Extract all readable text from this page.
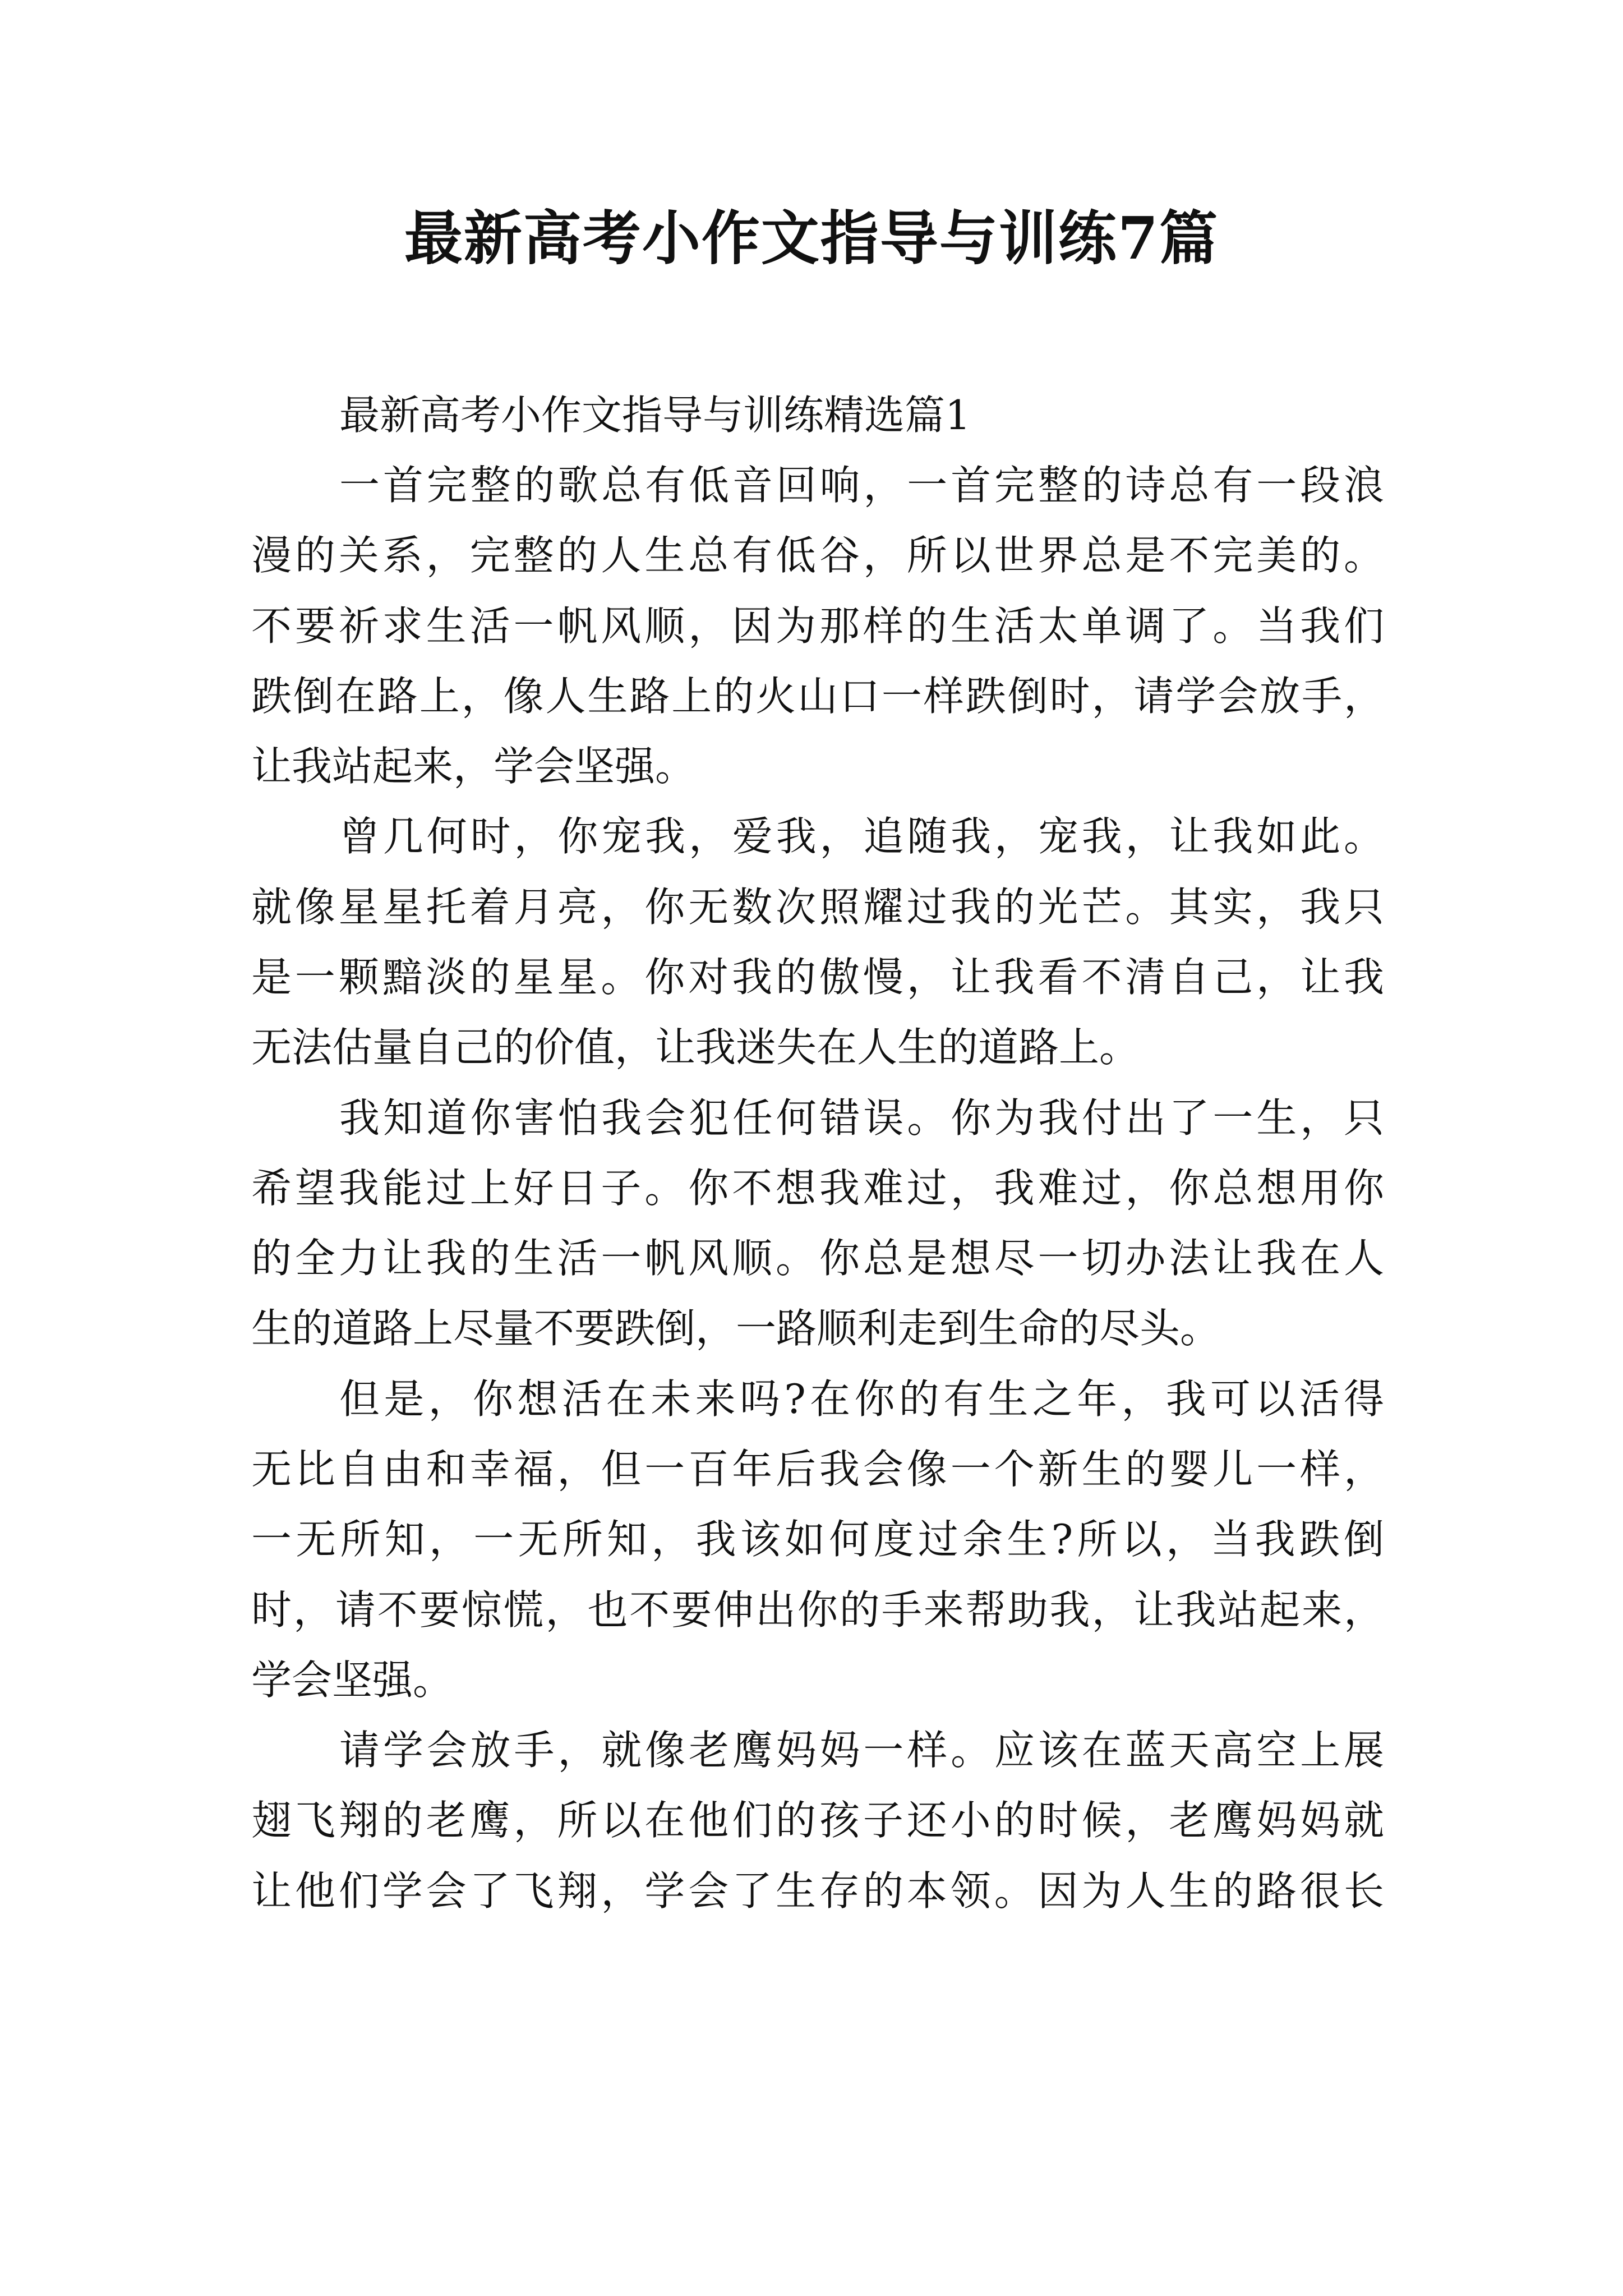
最新高考小作文指导与训练7篇
最新高考小作文指导与训练精选篇1
一首完整的歌总有低音回响，一首完整的诗总有一段浪
漫的关系，完整的人生总有低谷，所以世界总是不完美的。
不要祈求生活一帆风顺，因为那样的生活太单调了。当我们
跌倒在路上，像人生路上的火山口一样跌倒时，请学会放手，
让我站起来，学会坚强。
曾几何时，你宠我，爱我，追随我，宠我，让我如此。
就像星星托着月亮，你无数次照耀过我的光芒。其实，我只
是一颗黯淡的星星。你对我的傲慢，让我看不清自己，让我
无法估量自己的价值，让我迷失在人生的道路上。
我知道你害怕我会犯任何错误。你为我付出了一生，只
希望我能过上好日子。你不想我难过，我难过，你总想用你
的全力让我的生活一帆风顺。你总是想尽一切办法让我在人
生的道路上尽量不要跌倒，一路顺利走到生命的尽头。
但是，你想活在未来吗?在你的有生之年，我可以活得
无比自由和幸福，但一百年后我会像一个新生的婴儿一样，
一无所知，一无所知，我该如何度过余生?所以，当我跌倒
时，请不要惊慌，也不要伸出你的手来帮助我，让我站起来，
学会坚强。
请学会放手，就像老鹰妈妈一样。应该在蓝天高空上展
翅飞翔的老鹰，所以在他们的孩子还小的时候，老鹰妈妈就
让他们学会了飞翔，学会了生存的本领。因为人生的路很长
